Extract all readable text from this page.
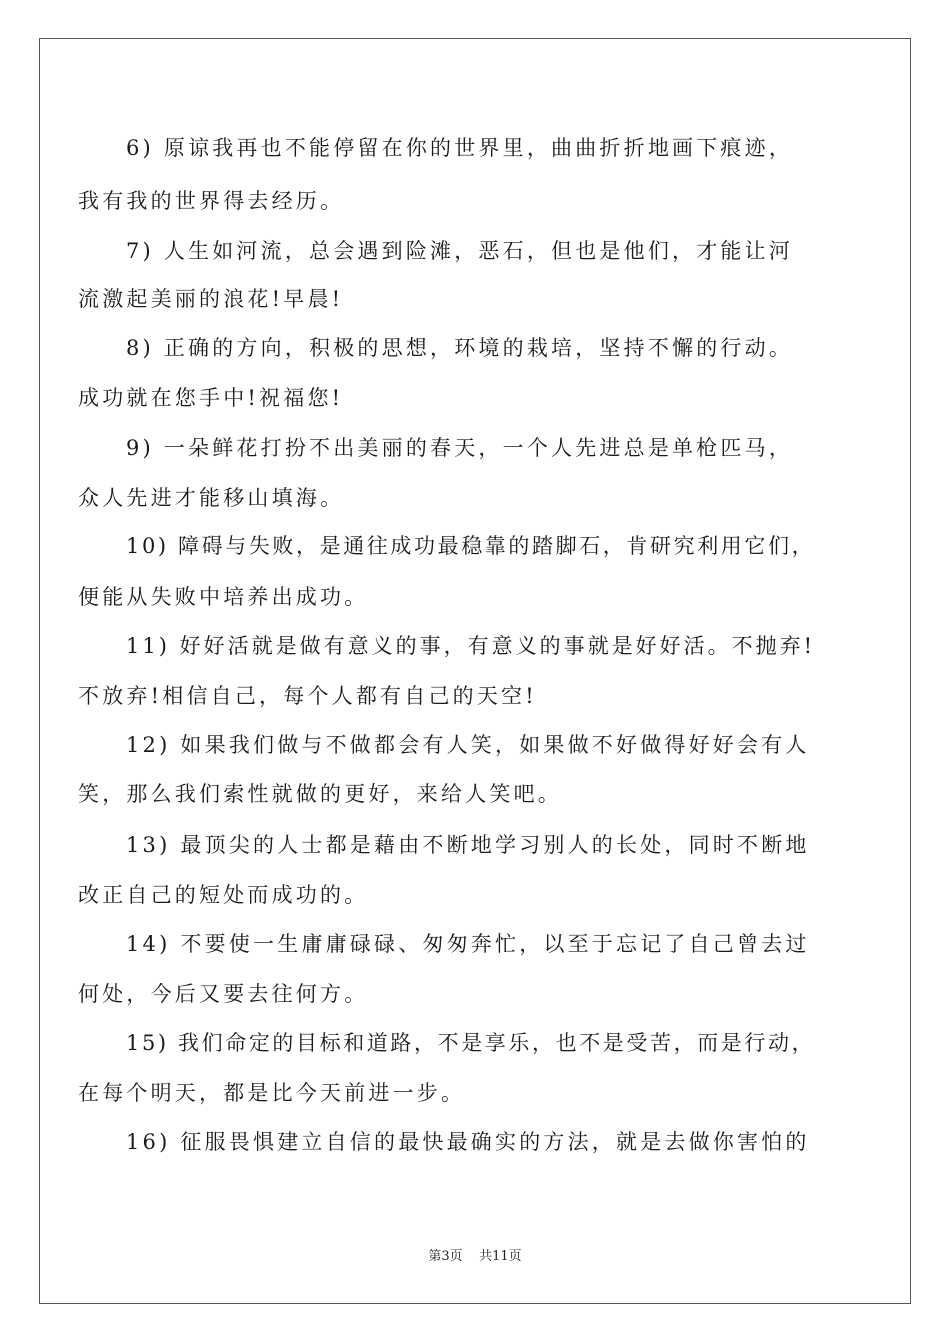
6) 原谅我再也不能停留在你的世界里，曲曲折折地画下痕迹，
我有我的世界得去经历。
7) 人生如河流，总会遇到险滩，恶石，但也是他们，才能让河
流激起美丽的浪花!早晨!
8) 正确的方向，积极的思想，环境的栽培，坚持不懈的行动。
成功就在您手中!祝福您!
9) 一朵鲜花打扮不出美丽的春天，一个人先进总是单枪匹马，
众人先进才能移山填海。
10) 障碍与失败，是通往成功最稳靠的踏脚石，肯研究利用它们，
便能从失败中培养出成功。
11) 好好活就是做有意义的事，有意义的事就是好好活。不抛弃!
不放弃!相信自己，每个人都有自己的天空!
12) 如果我们做与不做都会有人笑，如果做不好做得好好会有人
笑，那么我们索性就做的更好，来给人笑吧。
13) 最顶尖的人士都是藉由不断地学习别人的长处，同时不断地
改正自己的短处而成功的。
14) 不要使一生庸庸碌碌、匆匆奔忙，以至于忘记了自己曾去过
何处，今后又要去往何方。
15) 我们命定的目标和道路，不是享乐，也不是受苦，而是行动，
在每个明天，都是比今天前进一步。
16) 征服畏惧建立自信的最快最确实的方法，就是去做你害怕的
第3页 共11页
